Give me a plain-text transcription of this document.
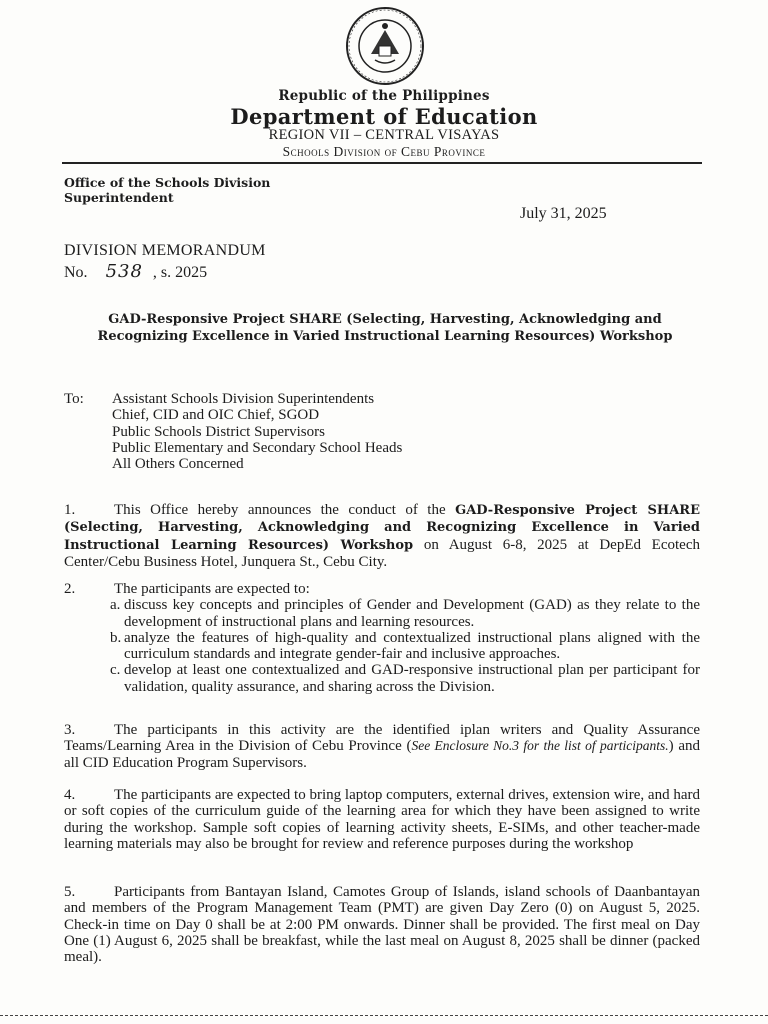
Republic of the Philippines
Department of Education
REGION VII – CENTRAL VISAYAS
Schools Division of Cebu Province
Office of the Schools Division Superintendent
July 31, 2025
DIVISION MEMORANDUM
No. 538 , s. 2025
GAD-Responsive Project SHARE (Selecting, Harvesting, Acknowledging and Recognizing Excellence in Varied Instructional Learning Resources) Workshop
To: Assistant Schools Division Superintendents
Chief, CID and OIC Chief, SGOD
Public Schools District Supervisors
Public Elementary and Secondary School Heads
All Others Concerned
1.	This Office hereby announces the conduct of the GAD-Responsive Project SHARE (Selecting, Harvesting, Acknowledging and Recognizing Excellence in Varied Instructional Learning Resources) Workshop on August 6-8, 2025 at DepEd Ecotech Center/Cebu Business Hotel, Junquera St., Cebu City.
2.	The participants are expected to:
a. discuss key concepts and principles of Gender and Development (GAD) as they relate to the development of instructional plans and learning resources.
b. analyze the features of high-quality and contextualized instructional plans aligned with the curriculum standards and integrate gender-fair and inclusive approaches.
c. develop at least one contextualized and GAD-responsive instructional plan per participant for validation, quality assurance, and sharing across the Division.
3.	The participants in this activity are the identified iplan writers and Quality Assurance Teams/Learning Area in the Division of Cebu Province (See Enclosure No.3 for the list of participants.) and all CID Education Program Supervisors.
4.	The participants are expected to bring laptop computers, external drives, extension wire, and hard or soft copies of the curriculum guide of the learning area for which they have been assigned to write during the workshop. Sample soft copies of learning activity sheets, E-SIMs, and other teacher-made learning materials may also be brought for review and reference purposes during the workshop
5.	Participants from Bantayan Island, Camotes Group of Islands, island schools of Daanbantayan and members of the Program Management Team (PMT) are given Day Zero (0) on August 5, 2025. Check-in time on Day 0 shall be at 2:00 PM onwards. Dinner shall be provided. The first meal on Day One (1) August 6, 2025 shall be breakfast, while the last meal on August 8, 2025 shall be dinner (packed meal).
